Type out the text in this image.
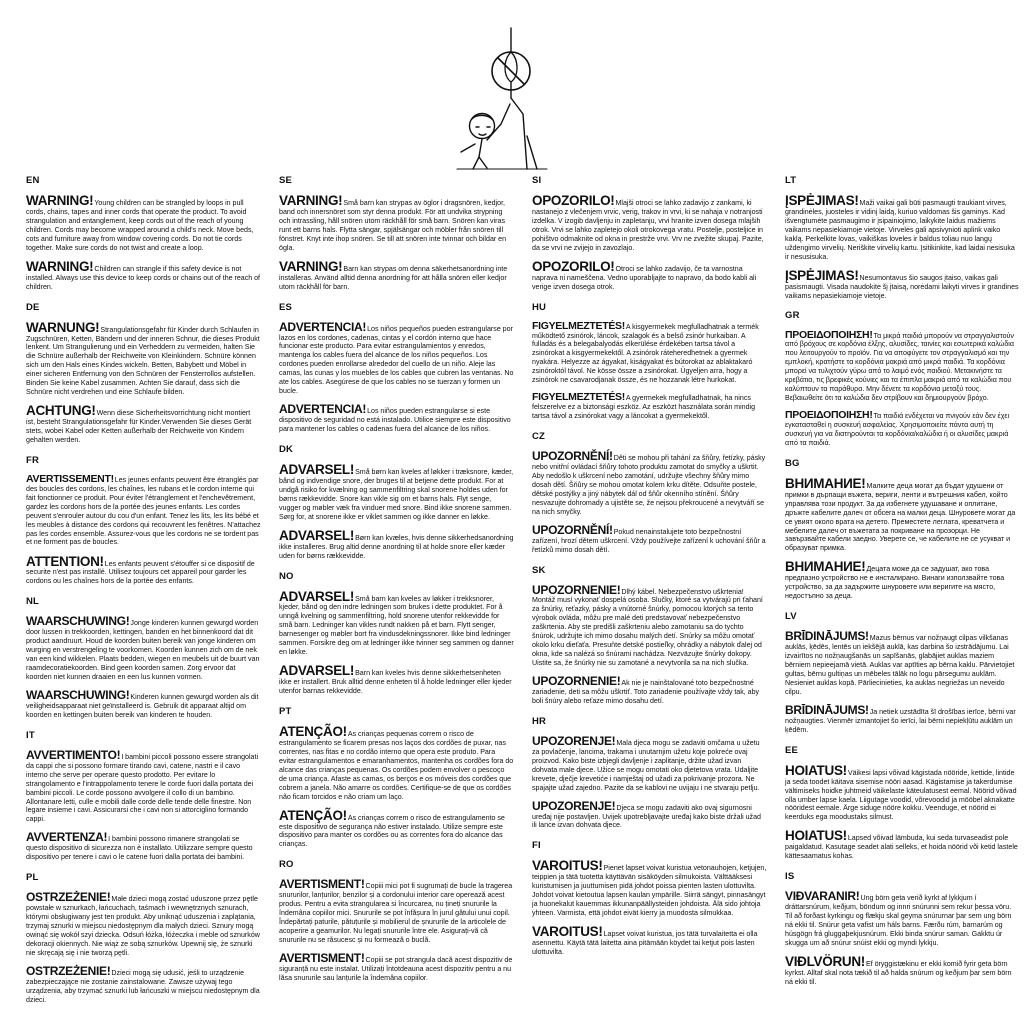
EN

WARNING!Young children can be strangled by loops in pull cords, chains, tapes and inner cords that operate the product. To avoid strangulation and entanglement, keep cords out of the reach of young children. Cords may become wrapped around a child's neck. Move beds, cots and furniture away from window covering cords. Do not tie cords together. Make sure cords do not twist and create a loop.

WARNING!Children can strangle if this safety device is not installed. Always use this device to keep cords or chains out of the reach of children.

DE

WARNUNG!Strangulationsgefahr für Kinder durch Schlaufen in Zugschnüren, Ketten, Bändern und der inneren Schnur, die dieses Produkt lenkent. Um Strangulierung und ein Verheddern zu vermeiden, halten Sie die Schnüre außerhalb der Reichweite von Kleinkindern. Schnüre können sich um den Hals eines Kindes wickeln. Betten, Babybett und Möbel in einer sicheren Entfernung von den Schnüren der Fensterrollos aufstellen. Binden Sie keine Kabel zusammen. Achten Sie darauf, dass sich die Schnüre nicht verdrehen und eine Schlaufe bilden.

ACHTUNG!Wenn diese Sicherheitsvorrichtung nicht montiert ist, besteht Strangulationsgefahr für Kinder.Verwenden Sie dieses Gerät stets, wobei Kabel oder Ketten außerhalb der Reichweite von Kindern gehalten werden.

FR

AVERTISSEMENT!Les jeunes enfants peuvent être étranglés par des boucles des cordons, les chaînes, les rubans et le cordon interne qui fait fonctionner ce produit. Pour éviter l'étranglement et l'enchevêtrement, gardez les cordons hors de la portée des jeunes enfants. Les cordes peuvent s'enrouler autour du cou d'un enfant. Tenez les lits, les lits bébé et les meubles à distance des cordons qui recouvrent les fenêtres. N'attachez pas les cordes ensemble. Assurez-vous que les cordons ne se tordent pas et ne forment pas de boucles.

ATTENTION!Les enfants peuvent s'étouffer si ce dispositif de securite n'est pas installé. Utilisez toujours cet appareil pour garder les cordons ou les chaînes hors de la portée des enfants.

NL

WAARSCHUWING!Jonge kinderen kunnen gewurgd worden door lussen in trekkoorden, kettingen, banden en het binnenkoord dat dit product aandruurt. Houd de koorden buiten bereik van jonge kinderen om wurging en verstrengeling te voorkomen. Koorden kunnen zich om de nek van een kind wikkelen. Plaats bedden, wiegen en meubels uit de buurt van raamdecoratiekoorden. Bind geen koorden samen. Zorg ervoor dat koorden niet kunnen draaien en een lus kunnen vormen.

WAARSCHUWING!Kinderen kunnen gewurgd worden als dit veiligheidsapparaat niet geïnstalleerd is. Gebruik dit apparaat altijd om koorden en kettingen buiten bereik van kinderen te houden.

IT

AVVERTIMENTO!I bambini piccoli possono essere strangolati da cappi che si possono formare tirando cavi, catene, nastri e il cavo interno che serve per operare questo prodotto. Per evitare lo strangolamento e l'intrappolamento tenere le corde fuori dalla portata dei bambini piccoli. Le corde possono avvolgere il collo di un bambino. Allontanare letti, culle e mobili dalle corde delle tende delle finestre. Non legare insieme i cavi. Assicurarsi che i cavi non si attorciglino formando cappi.

AVVERTENZA!I bambini possono rimanere strangolati se questo dispositivo di sicurezza non è installato. Utilizzare sempre questo dispositivo per tenere i cavi o le catene fuori dalla portata dei bambini.

PL

OSTRZEŻENIE!Małe dzieci mogą zostać uduszone przez pętle powstałe w sznurkach, łańcuchach, taśmach i wewnętrznych sznurach, którymi obsługiwany jest ten produkt. Aby uniknąć uduszenia i zaplątania, trzymaj sznurki w miejscu niedostępnym dla małych dzieci. Sznury mogą owinąć się wokół szyi dziecka. Odsuń łóżka, łóżeczka i meble od sznurków dekoracji okiennych. Nie wiąż ze sobą sznurków. Upewnij się, że sznurki nie skręcają się i nie tworzą pętli.

OSTRZEŻENIE!Dzieci mogą się udusić, jeśli to urządzenie zabezpieczające nie zostanie zainstalowane. Zawsze używaj tego urządzenia, aby trzymać sznurki lub łańcuszki w miejscu niedostępnym dla dzieci.

SE

VARNING!Små barn kan strypas av öglor i dragsnören, kedjor, band och innersnöret som styr denna produkt. För att undvika strypning och intrassling, håll snören utom räckhåll för små barn. Snören kan viras runt ett barns hals. Flytta sängar, spjälsängar och möbler från snören till fönstret. Knyt inte ihop snören. Se till att snören inte tvinnar och bildar en ögla.

VARNING!Barn kan strypas om denna säkerhetsanordning inte installeras. Använd alltid denna anordning för att hålla snören eller kedjor utom räckhåll för barn.

ES

ADVERTENCIA!Los niños pequeños pueden estrangularse por lazos en los cordones, cadenas, cintas y el cordón interno que hace funcionar este producto. Para evitar estrangulamientos y enredos, mantenga los cables fuera del alcance de los niños pequeños. Los cordones pueden enrollarse alrededor del cuello de un niño. Aleje las camas, las cunas y los muebles de los cables que cubren las ventanas. No ate los cables. Asegúrese de que los cables no se tuerzan y formen un bucle.

ADVERTENCIA!Los niños pueden estrangularse si este dispositivo de seguridad no está instalado. Utilice siempre este dispositivo para mantener los cables o cadenas fuera del alcance de los niños.

DK

ADVARSEL!Små børn kan kveles af løkker i træksnore, kæder, bånd og indvendige snore, der bruges til at betjene dette produkt. For at undgå risiko for kvælning og sammenfiltring skal snorene holdes uden for børns rækkevidde. Snore kan vikle sig om et barns hals. Flyt senge, vugger og møbler væk fra vinduer med snore. Bind ikke snorene sammen. Sørg for, at snorene ikke er viklet sammen og ikke danner en løkke.

ADVARSEL!Børn kan kvæles, hvis denne sikkerhedsanordning ikke installeres. Brug altid denne anordning til at holde snore eller kæder uden for børns rækkevidde.

NO

ADVARSEL!Små barn kan kveles av løkker i trekksnorer, kjeder, bånd og den indre ledningen som brukes i dette produktet. For å unngå kvelning og sammenfiltring, hold snorene utenfor rekkevidde for små barn. Ledninger kan vikles rundt nakken på et barn. Flytt senger, barnesenger og møbler bort fra vindusdekningssnorer. Ikke bind ledninger sammen. Forsikre deg om at ledninger ikke tvinner seg sammen og danner en løkke.

ADVARSEL!Barn kan kveles hvis denne sikkerhetsenheten ikke er installert. Bruk alltid denne enheten til å holde ledninger eller kjeder utenfor barnas rekkevidde.

PT

ATENÇÃO!As crianças pequenas correm o risco de estrangulamento se ficarem presas nos laços dos cordões de puxar, nas correntes, nas fitas e no cordão interno que opera este produto. Para evitar estrangulamentos e emaranhamentos, mantenha os cordões fora do alcance das crianças pequenas. Os cordões podem envolver o pescoço de uma criança. Afaste as camas, os berços e os móveis dos cordões que cobrem a janela. Não amarre os cordões. Certifique-se de que os cordões não ficam torcidos e não criam um laço.

ATENÇÃO!As crianças correm o risco de estrangulamento se este dispositivo de segurança não estiver instalado. Utilize sempre este dispositivo para manter os cordões ou as correntes fora do alcance das crianças.

RO

AVERTISMENT!Copiii mici pot fi sugrumați de bucle la tragerea snururilor, lanțurilor, benzilor și a cordonului interior care operează acest produs. Pentru a evita strangularea si încurcarea, nu țineți snururile la îndemâna copiilor mici. Snururile se pot înfășura în jurul gâtului unui copil. Îndepărtați paturile, pătuțurile și mobilierul de șnururile de la articolele de acoperire a geamurilor. Nu legați snururile între ele. Asigurați-vă că snururile nu se răsucesc și nu formează o buclă.

AVERTISMENT!Copiii se pot strangula dacă acest dispozitiv de siguranță nu este instalat. Utilizați întotdeauna acest dispozitiv pentru a nu lăsa snururile sau lanțurile la îndemâna copiilor.

SI

OPOZORILO!Mlajši otroci se lahko zadavijo z zankami, ki nastanejo z vlečenjem vrvic, verig, trakov in vrvi, ki se nahaja v notranjosti izdelka. V izogib davljenju in zapletanju, vrvi hranite izven dosega mlajših otrok. Vrvi se lahko zapletejo okoli otrokovega vratu. Postelje, posteljice in pohištvo odmaknite od okna in prestrže vrvi. Vrv ne zvežite skupaj. Pazite, da se vrvi ne zvijejo in zavozlajo.

OPOZORILO!Otroci se lahko zadavijo, če ta varnostna naprava ni nameščena. Vedno uporabljajte to napravo, da bodo kabli ali verige izven dosega otrok.

HU

FIGYELMEZTETÉS!A kisgyermekek megfulladhatnak a termék működtető zsinórok, láncok, szalagok és a belső zsinór hurkaiban. A fulladás és a belegabalyodás elkerülése érdekében tartsa távol a zsinórokat a kisgyermekektől. A zsinórok ráteheredhetnek a gyermek nyakára. Helyezze az ágyakat, kiságyakat és bútorokat az ablaktakaró zsinóroktól távol. Ne kösse össze a zsinórokat. Ügyeljen arra, hogy a zsinórok ne csavarodjanak össze, és ne hozzanak létre hurkokat.

FIGYELMEZTETÉS!A gyermekek megfulladhatnak, ha nincs felszerelve ez a biztonsági eszköz. Az eszközt használata során mindig tartsa távol a zsinórokat vagy a láncokat a gyermekektől.

CZ

UPOZORNĚNÍ!Děti se mohou při tahání za šňůry, řetízky, pásky nebo vnitřní ovládací šňůry tohoto produktu zamotat do smyčky a uškrtit. Aby nedošlo k uškrcení nebo zamotání, udržujte všechny šňůry mimo dosah dětí. Šňůry se mohou omotat kolem krku dítěte. Odsuňte postele, dětské postýlky a jiný nábytek dál od šňůr okenního stínění. Šňůry nesvazujte dohromady a ujistěte se, že nejsou překroucené a nevytváří se na nich smyčky.

UPOZORNĚNÍ!Pokud nenainstalujete toto bezpečnostní zařízení, hrozí dětem uškrcení. Vždy používejte zařízení k uchování šňůr a řetízků mimo dosah dětí.

SK

UPOZORNENIE!Dlhý kábel. Nebezpečenstvo uškrtenia! Montáž musí vykonať dospelá osoba. Slučky, ktoré sa vytvárajú pri ťahaní za šnúrky, reťazky, pásky a vnútorné šnúrky, pomocou ktorých sa tento výrobok ovláda, môžu pre malé deti predstavovať nebezpečenstvo zaškrtenia. Aby ste predišli zaškrteniu alebo zamotaniu sa do tychto šnúrok, udržujte ich mimo dosahu malých detí. Snúrky sa môžu omotať okolo krku dieťaťa. Presuňte detské postieľky, ohrádky a nábytok ďalej od okna, kde sa nalézá so šnúrami nachádza. Nezväzujte šnúrky dokopy. Uistite sa, že šnúrky nie su zamotané a nevytvorila sa na nich slučka.

UPOZORNENIE!Ak nie je nainštalované toto bezpečnostné zariadenie, deti sa môžu uškrtiť. Toto zariadenie používajte vždy tak, aby boli šnúry alebo reťaze mimo dosahu detí.

HR

UPOZORENJE!Mala djeca mogu se zadaviti omčama u užetu za povlačenje, lancima, trakama i unutarnjim užetu koje pokreće ovaj proizvod. Kako biste izbjegli davljenje i zaplitanje, držite užad izvan dohvata male djece. Užice se mogu omotati oko djetetova vrata. Udaljite krevete, dječje krevetiće i namještaj od užadi za pokrivanje prozora. Ne spajajte užad zajedno. Pazite da se kablovi ne uvijaju i ne stvaraju petlju.

UPOZORENJE!Djeca se mogu zadaviti ako ovaj sigurnosni uređaj nije postavljen. Uvijek upotrebljavajte uređaj kako biste držali užad ili lance izvan dohvata djece.

FI

VAROITUS!Pienet lapset voivat kuristua vetonauhojen, ketjujen, teippien ja tätä tuotetta käyttävän sisäköyden silmukoista. Välttääksesi kuristumisen ja juuttumisen pidä johdot poissa pienten lasten ulottuvilta. Johdot voivat kietoutua lapsen kaulan ympärille. Siirrä sängyt, pinnasängyt ja huonekalut kauemmas ikkunanpäällysteiden johdoista. Älä sido johtoja yhteen. Varmista, että johdot eivät kierry ja muodosta silmukkaa.

VAROITUS!Lapset voivat kuristua, jos tätä turvalaitetta ei olla asennettu. Käytä tätä laitetta aina pitämään köydet tai ketjut pois lasten ulottuvilta.

LT

ĮSPĖJIMAS!Maži vaikai gali būti pasmaugti traukiant virves, grandinėles, juosteles ir vidinį laidą, kuriuo valdomas šis gaminys. Kad išvengtumėte pasmaugimo ir įsipainiojimo, laikykite laidus mažiems vaikams nepasiekiamoje vietoje. Virvelės gali apsivynioti aplink vaiko kaklą. Perkelkite lovas, vaikiškas loveles ir baldus toliau nuo langų uždengimo virvelių. Neriškite virvelių kartu. Įsitikinkite, kad laidai nesisuka ir nesusisuka.

ĮSPĖJIMAS!Nesumontavus šio saugos įtaiso, vaikas gali pasismaugti. Visada naudokite šį įtaisą, norėdami laikyti virves ir grandines vaikams nepasiekiamoje vietoje.

GR

ΠΡΟΕΙΔΟΠΟΙΗΣΗ!Τα μικρά παιδιά μπορούν να στραγγαλιστούν από βρόχους σε κορδόνια έλξης, αλυσίδες, ταινίες και εσωτερικά καλώδια που λειτουργούν το προϊόν. Για να αποφύγετε τον στραγγαλισμό και την εμπλοκή, κρατήστε τα κορδόνια μακριά από μικρά παιδιά. Τα κορδόνια μπορεί να τυλιχτούν γύρω από το λαιμό ενός παιδιού. Μετακινήστε τα κρεβάτια, τις βρεφικές κούνιες και τα έπιπλα μακριά από τα καλώδια που καλύπτουν τα παράθυρα. Μην δένετε τα κορδόνια μεταξύ τους. Βεβαιωθείτε ότι τα καλώδια δεν στρίβουν και δημιουργούν βρόχο.

ΠΡΟΕΙΔΟΠΟΙΗΣΗ!Τα παιδιά ενδέχεται να πνιγούν εάν δεν έχει εγκατασταθεί η συσκευή ασφαλείας. Χρησιμοποιείτε πάντα αυτή τη συσκευή για να διατηρούνται τα κορδόνια/καλώδια ή οι αλυσίδες μακριά από τα παιδιά.

BG

ВНИМАНИЕ!Малките деца могат да бъдат удушени от примки в дърпащи въжета, вериги, ленти и вътрешния кабел, който управлява този продукт. За да избегнете удушаване и оплитане, дръжте кабелите далеч от обсега на малки деца. Шнуровете могат да се увият около врата на детето. Преместете леглата, креватчета и мебелите далеч от въжетата за покриване на прозорци. Не завързвайте кабели заедно. Уверете се, че кабелите не се усукват и образуват примка.

ВНИМАНИЕ!Децата може да се задушат, ако това предпазно устройство не е инсталирано. Винаги използвайте това устройство, за да задържите шнуровете или веригите на място, недостъпно за деца.

LV

BRĪDINĀJUMS!Mazus bērnus var nožņaugt cilpas vilkšanas auklās, ķēdēs, lentēs un iekšējā auklā, kas darbina šo izstrādājumu. Lai izvairītos no nožņaugšanās un sapīšanās, glabājiet auklas maziem bērniem nepieejamā vietā. Auklas var aptīties ap bērna kaklu. Pārvietojiet gultas, bērnu gultiņas un mēbeles tālāk no logu pārsegumu auklām. Nesieniet auklas kopā. Pārliecinieties, ka auklas negriežas un neveido cilpu.

BRĪDINĀJUMS!Ja netiek uzstādīta šī drošības ierīce, bērni var nožņaugties. Vienmēr izmantojiet šo ierīci, lai bērni nepiekļūtu auklām un ķēdēm.

EE

HOIATUS!Väikesi lapsi võivad kägistada nööride, kettide, lintide ja seda toodet käitava sisemise nööri aasad. Kägistamise ja takerdumise vältimiseks hoidke juhtmeid väikelaste käteulatusest eemal. Nöörid võivad olla umber lapse kaela. Liigutage voodid, võrevoodid ja mööbel aknakatte nööridest eemale. Ärge siduge nööre kokku. Veenduge, et nöörid ei keerduks ega moodustaks silmust.

HOIATUS!Lapsed võivad lämbuda, kui seda turvaseadist pole paigaldatud. Kasutage seadet alati selleks, et hoida nöörid või ketid lastele kättesaamatus kohas.

IS

VIÐVARANIR!Ung börn geta verið kyrkt af lykkjum í dráttarsnúrum, keðjum, böndum og innri snúrunni sem rekur þessa vöru. Til að forðast kyrkingu og flækju skal geyma snúrurnar þar sem ung börn ná ekki til. Snúrur geta vafist um háls barns. Færðu rúm, barnarúm og húsgögn frá gluggaþekjusnúrum. Ekki binda snúrur saman. Gakktu úr skugga um að snúrur snúist ekki og myndi lykkju.

VIÐLVÖRUN!Ef öryggistækinu er ekki komið fyrir geta börn kyrkst. Alltaf skal nota tækið til að halda snúrum og keðjum þar sem börn ná ekki til.
